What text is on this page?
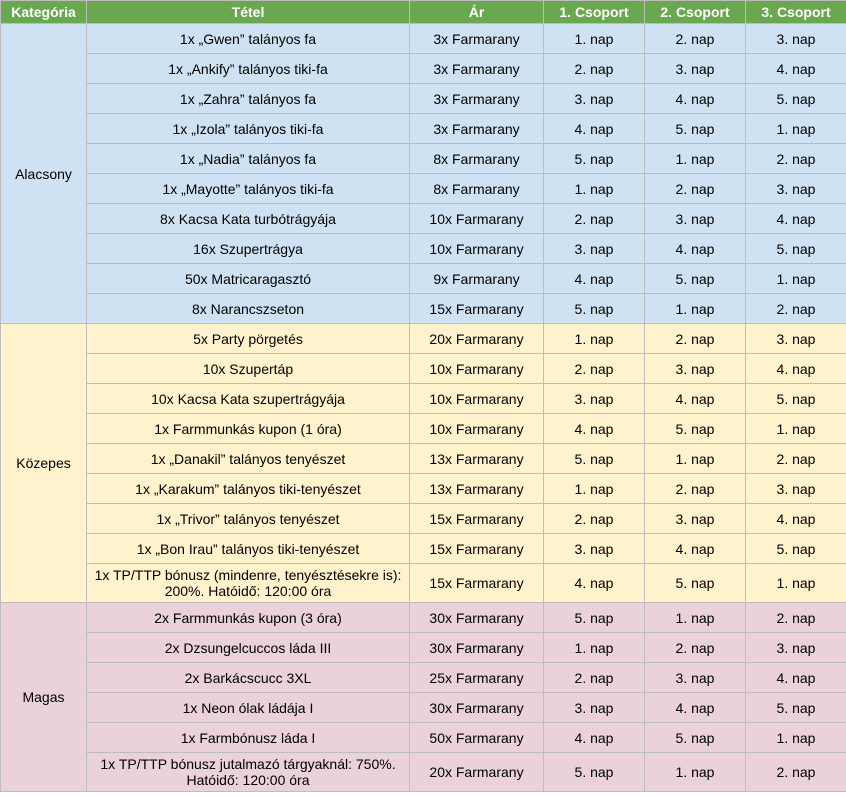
Kategória	Tétel	Ár	1. Csoport	2. Csoport	3. Csoport
Alacsony	1x „Gwen” talányos fa	3x Farmarany	1. nap	2. nap	3. nap
	1x „Ankify” talányos tiki-fa	3x Farmarany	2. nap	3. nap	4. nap
	1x „Zahra” talányos fa	3x Farmarany	3. nap	4. nap	5. nap
	1x „Izola” talányos tiki-fa	3x Farmarany	4. nap	5. nap	1. nap
	1x „Nadia” talányos fa	8x Farmarany	5. nap	1. nap	2. nap
	1x „Mayotte” talányos tiki-fa	8x Farmarany	1. nap	2. nap	3. nap
	8x Kacsa Kata turbótrágyája	10x Farmarany	2. nap	3. nap	4. nap
	16x Szupertrágya	10x Farmarany	3. nap	4. nap	5. nap
	50x Matricaragasztó	9x Farmarany	4. nap	5. nap	1. nap
	8x Narancszseton	15x Farmarany	5. nap	1. nap	2. nap
Közepes	5x Party pörgetés	20x Farmarany	1. nap	2. nap	3. nap
	10x Szupertáp	10x Farmarany	2. nap	3. nap	4. nap
	10x Kacsa Kata szupertrágyája	10x Farmarany	3. nap	4. nap	5. nap
	1x Farmmunkás kupon (1 óra)	10x Farmarany	4. nap	5. nap	1. nap
	1x „Danakil” talányos tenyészet	13x Farmarany	5. nap	1. nap	2. nap
	1x „Karakum” talányos tiki-tenyészet	13x Farmarany	1. nap	2. nap	3. nap
	1x „Trivor” talányos tenyészet	15x Farmarany	2. nap	3. nap	4. nap
	1x „Bon Irau” talányos tiki-tenyészet	15x Farmarany	3. nap	4. nap	5. nap
	1x TP/TTP bónusz (mindenre, tenyésztésekre is): 200%. Hatóidő: 120:00 óra	15x Farmarany	4. nap	5. nap	1. nap
Magas	2x Farmmunkás kupon (3 óra)	30x Farmarany	5. nap	1. nap	2. nap
	2x Dzsungelcuccos láda III	30x Farmarany	1. nap	2. nap	3. nap
	2x Barkácscucc 3XL	25x Farmarany	2. nap	3. nap	4. nap
	1x Neon ólak ládája I	30x Farmarany	3. nap	4. nap	5. nap
	1x Farmbónusz láda I	50x Farmarany	4. nap	5. nap	1. nap
	1x TP/TTP bónusz jutalmazó tárgyaknál: 750%. Hatóidő: 120:00 óra	20x Farmarany	5. nap	1. nap	2. nap
